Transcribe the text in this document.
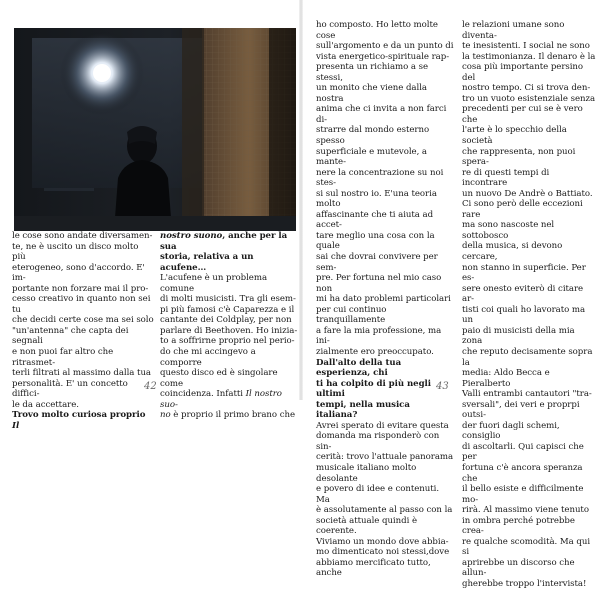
le cose sono andate diversamen-
te, ne è uscito un disco molto più
eterogeneo, sono d'accordo. E' im-
portante non forzare mai il pro-
cesso creativo in quanto non sei tu
che decidi certe cose ma sei solo
"un'antenna" che capta dei segnali
e non puoi far altro che ritrasmet-
terli filtrati al massimo dalla tua
personalità. E' un concetto diffici-
le da accettare.

Trovo molto curiosa proprio Il

nostro suono, anche per la sua
storia, relativa a un acufene…

L'acufene è un problema comune
di molti musicisti. Tra gli esem-
pi più famosi c'è Caparezza e il
cantante dei Coldplay, per non
parlare di Beethoven. Ho inizia-
to a soffrirne proprio nel perio-
do che mi accingevo a comporre
questo disco ed è singolare come
coincidenza. Infatti Il nostro suo-
no è proprio il primo brano che

ho composto. Ho letto molte cose
sull'argomento e da un punto di
vista energetico-spirituale rap-
presenta un richiamo a se stessi,
un monito che viene dalla nostra
anima che ci invita a non farci di-
strarre dal mondo esterno spesso
superficiale e mutevole, a mante-
nere la concentrazione su noi stes-
si sul nostro io. E'una teoria molto
affascinante che ti aiuta ad accet-
tare meglio una cosa con la quale
sai che dovrai convivere per sem-
pre. Per fortuna nel mio caso non
mi ha dato problemi particolari
per cui continuo tranquillamente
a fare la mia professione, ma ini-
zialmente ero preoccupato.

Dall'alto della tua esperienza, chi
ti ha colpito di più negli ultimi
tempi, nella musica italiana?

Avrei sperato di evitare questa
domanda ma risponderò con sin-
cerità: trovo l'attuale panorama
musicale italiano molto desolante
e povero di idee e contenuti. Ma
è assolutamente al passo con la
società attuale quindi è coerente.
Viviamo un mondo dove abbia-
mo dimenticato noi stessi,dove
abbiamo mercificato tutto, anche

le relazioni umane sono diventa-
te inesistenti. I social ne sono
la testimonianza. Il denaro è la
cosa più importante persino del
nostro tempo. Ci si trova den-
tro un vuoto esistenziale senza
precedenti per cui se è vero che
l'arte è lo specchio della società
che rappresenta, non puoi spera-
re di questi tempi di incontrare
un nuovo De Andrè o Battiato.
Ci sono però delle eccezioni rare
ma sono nascoste nel sottobosco
della musica, si devono cercare,
non stanno in superficie. Per es-
sere onesto eviterò di citare ar-
tisti coi quali ho lavorato ma un
paio di musicisti della mia zona
che reputo decisamente sopra la
media: Aldo Becca e Pieralberto
Valli entrambi cantautori "tra-
sversali", dei veri e proprpi outsi-
der fuori dagli schemi, consiglio
di ascoltarli. Qui capisci che per
fortuna c'è ancora speranza che
il bello esiste e difficilmente mo-
rirà. Al massimo viene tenuto
in ombra perché potrebbe crea-
re qualche scomodità. Ma qui si
aprirebbe un discorso che allun-
gherebbe troppo l'intervista!

42	43
